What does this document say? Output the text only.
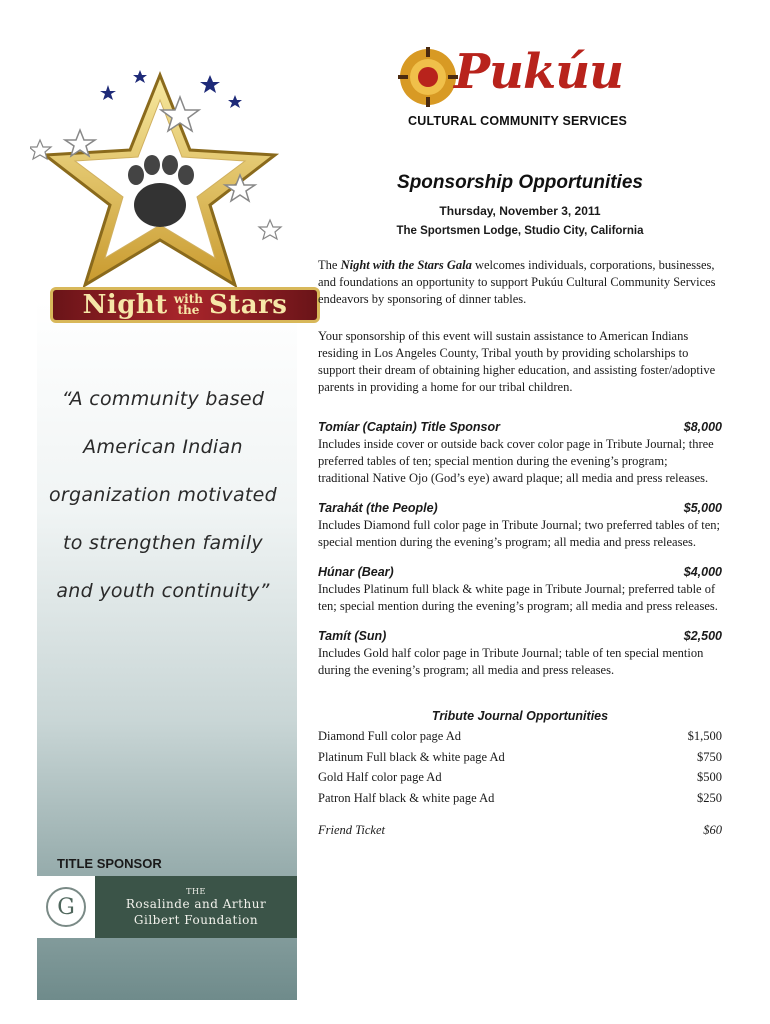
Night with
the Stars
“A community based American Indian organization motivated to strengthen family and youth continuity”
TITLE SPONSOR
G
THE
Rosalinde and Arthur
Gilbert Foundation
Pukúu
CULTURAL COMMUNITY SERVICES
Sponsorship Opportunities
Thursday, November 3, 2011
The Sportsmen Lodge, Studio City, California

The Night with the Stars Gala welcomes individuals, corporations, businesses, and foundations an opportunity to support Pukúu Cultural Community Services endeavors by sponsoring of dinner tables.

Your sponsorship of this event will sustain assistance to American Indians residing in Los Angeles County, Tribal youth by providing scholarships to support their dream of obtaining higher education, and assisting foster/adoptive parents in providing a home for our tribal children.

Tomíar (Captain) Title Sponsor	$8,000
Includes inside cover or outside back cover color page in Tribute Journal; three preferred tables of ten; special mention during the evening’s program; traditional Native Ojo (God’s eye) award plaque; all media and press releases.
Tarahát (the People)	$5,000
Includes Diamond full color page in Tribute Journal; two preferred tables of ten; special mention during the evening’s program; all media and press releases.
Húnar (Bear)	$4,000
Includes Platinum full black & white page in Tribute Journal; preferred table of ten; special mention during the evening’s program; all media and press releases.
Tamít (Sun)	$2,500
Includes Gold half color page in Tribute Journal; table of ten special mention during the evening’s program; all media and press releases.
Tribute Journal Opportunities
Diamond Full color page Ad	$1,500
Platinum Full black & white page Ad	$750
Gold Half color page Ad	$500
Patron Half black & white page Ad	$250
Friend Ticket	$60
